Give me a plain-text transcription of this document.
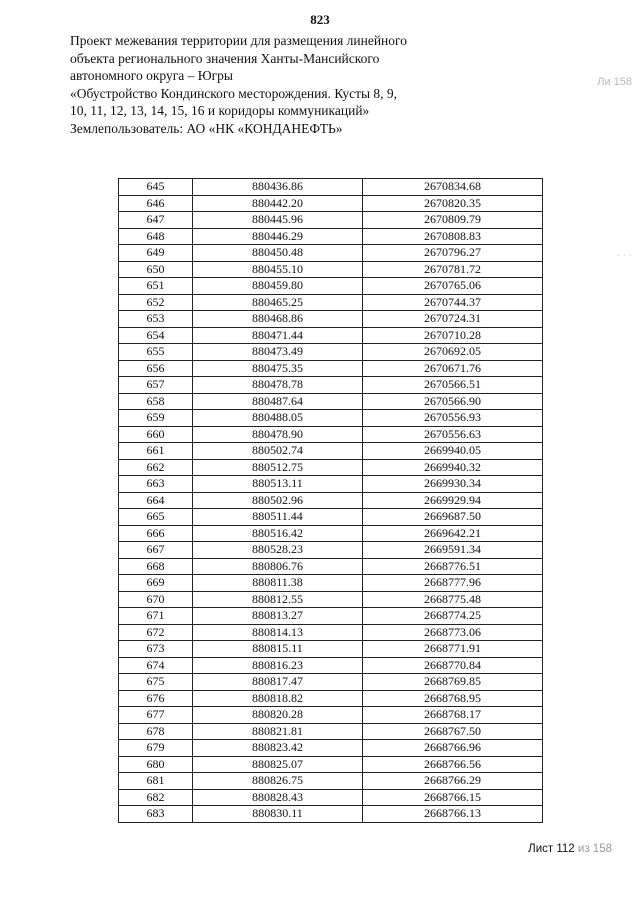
823
Проект межевания территории для размещения линейного
объекта регионального значения Ханты-Мансийского
автономного округа – Югры
«Обустройство Кондинского месторождения. Кусты 8, 9,
10, 11, 12, 13, 14, 15, 16 и коридоры коммуникаций»
Землепользователь: АО «НК «КОНДАНЕФТЬ»
Ли 158
· · ·
645	880436.86	2670834.68
646	880442.20	2670820.35
647	880445.96	2670809.79
648	880446.29	2670808.83
649	880450.48	2670796.27
650	880455.10	2670781.72
651	880459.80	2670765.06
652	880465.25	2670744.37
653	880468.86	2670724.31
654	880471.44	2670710.28
655	880473.49	2670692.05
656	880475.35	2670671.76
657	880478.78	2670566.51
658	880487.64	2670566.90
659	880488.05	2670556.93
660	880478.90	2670556.63
661	880502.74	2669940.05
662	880512.75	2669940.32
663	880513.11	2669930.34
664	880502.96	2669929.94
665	880511.44	2669687.50
666	880516.42	2669642.21
667	880528.23	2669591.34
668	880806.76	2668776.51
669	880811.38	2668777.96
670	880812.55	2668775.48
671	880813.27	2668774.25
672	880814.13	2668773.06
673	880815.11	2668771.91
674	880816.23	2668770.84
675	880817.47	2668769.85
676	880818.82	2668768.95
677	880820.28	2668768.17
678	880821.81	2668767.50
679	880823.42	2668766.96
680	880825.07	2668766.56
681	880826.75	2668766.29
682	880828.43	2668766.15
683	880830.11	2668766.13
Лист 112 из 158
